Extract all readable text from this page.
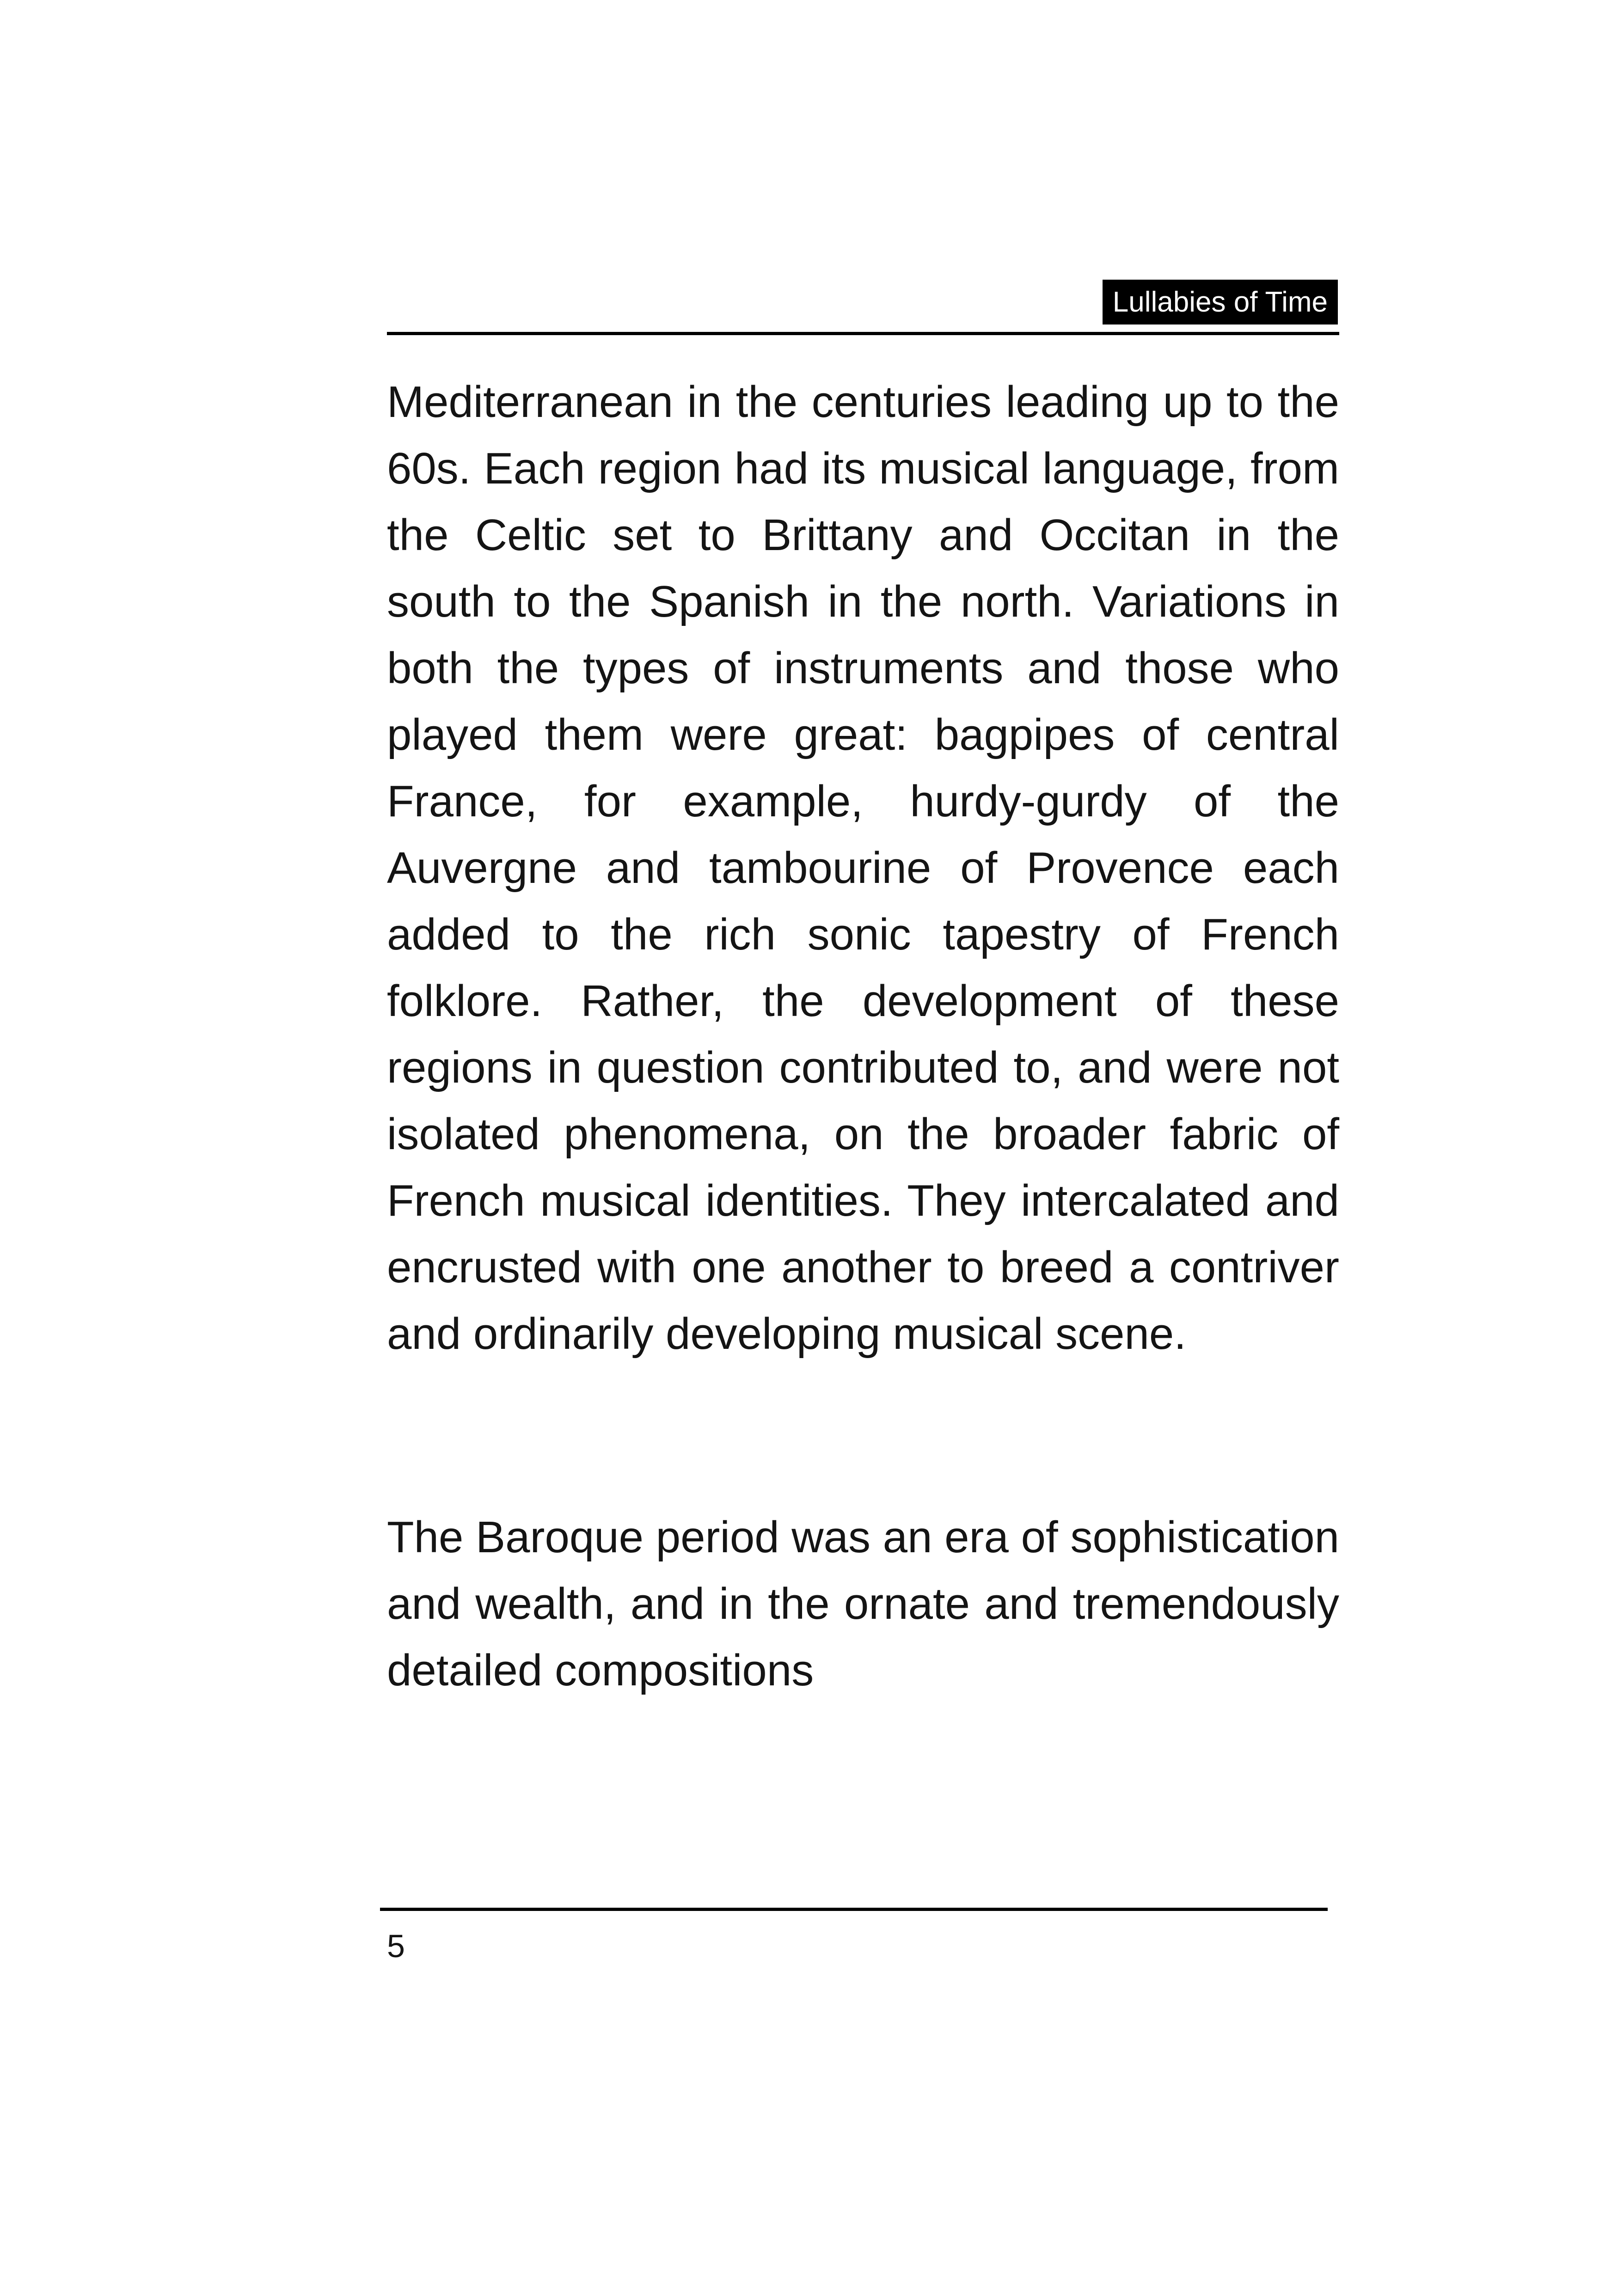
Lullabies of Time

Mediterranean in the centuries leading up to the 60s. Each region had its musical language, from the Celtic set to Brittany and Occitan in the south to the Spanish in the north. Variations in both the types of instruments and those who played them were great: bagpipes of central France, for example, hurdy-gurdy of the Auvergne and tambourine of Provence each added to the rich sonic tapestry of French folklore. Rather, the development of these regions in question contributed to, and were not isolated phenomena, on the broader fabric of French musical identities. They intercalated and encrusted with one another to breed a contriver and ordinarily developing musical scene.

The Baroque period was an era of sophistication and wealth, and in the ornate and tremendously detailed compositions

5
